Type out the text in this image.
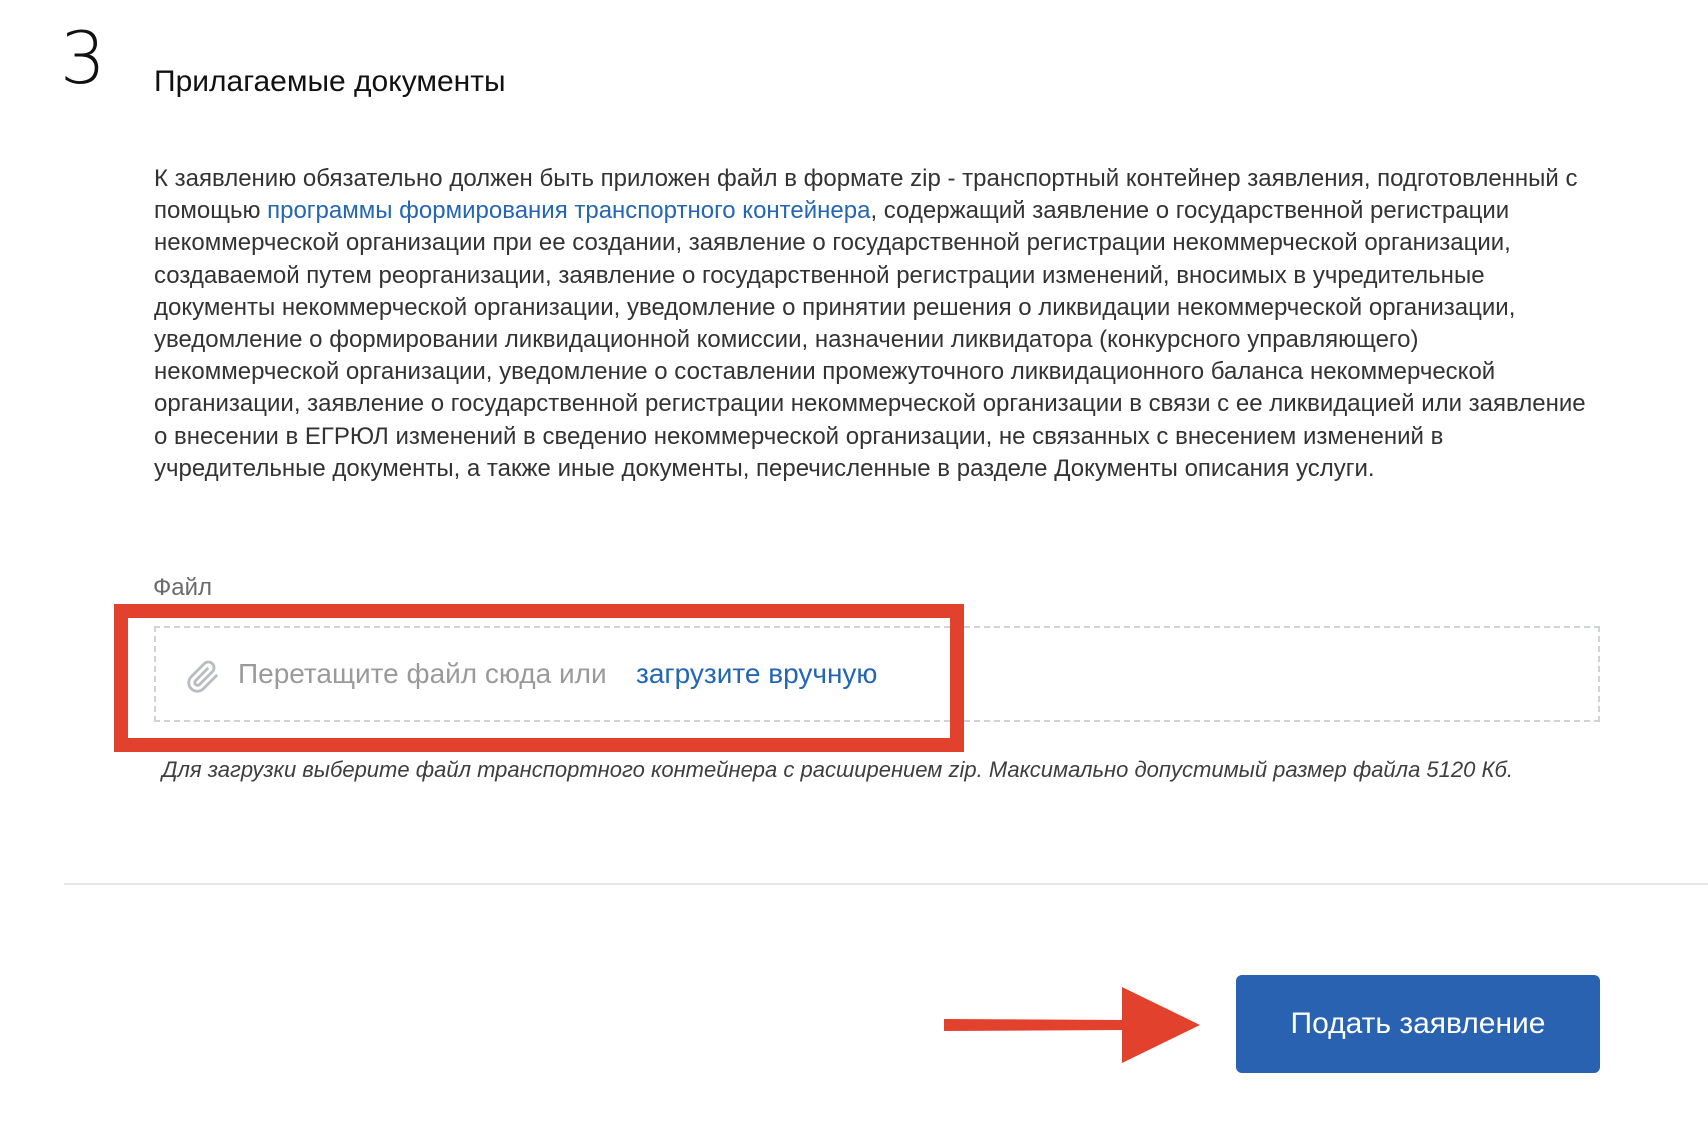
3 Прилагаемые документы

К заявлению обязательно должен быть приложен файл в формате zip - транспортный контейнер заявления, подготовленный с помощью программы формирования транспортного контейнера, содержащий заявление о государственной регистрации некоммерческой организации при ее создании, заявление о государственной регистрации некоммерческой организации, создаваемой путем реорганизации, заявление о государственной регистрации изменений, вносимых в учредительные документы некоммерческой организации, уведомление о принятии решения о ликвидации некоммерческой организации, уведомление о формировании ликвидационной комиссии, назначении ликвидатора (конкурсного управляющего) некоммерческой организации, уведомление о составлении промежуточного ликвидационного баланса некоммерческой организации, заявление о государственной регистрации некоммерческой организации в связи с ее ликвидацией или заявление о внесении в ЕГРЮЛ изменений в сведениo некоммерческой организации, не связанных с внесением изменений в учредительные документы, а также иные документы, перечисленные в разделе Документы описания услуги.

Файл
Перетащите файл сюда или загрузите вручную
Для загрузки выберите файл транспортного контейнера с расширением zip. Максимально допустимый размер файла 5120 Кб.
Подать заявление
